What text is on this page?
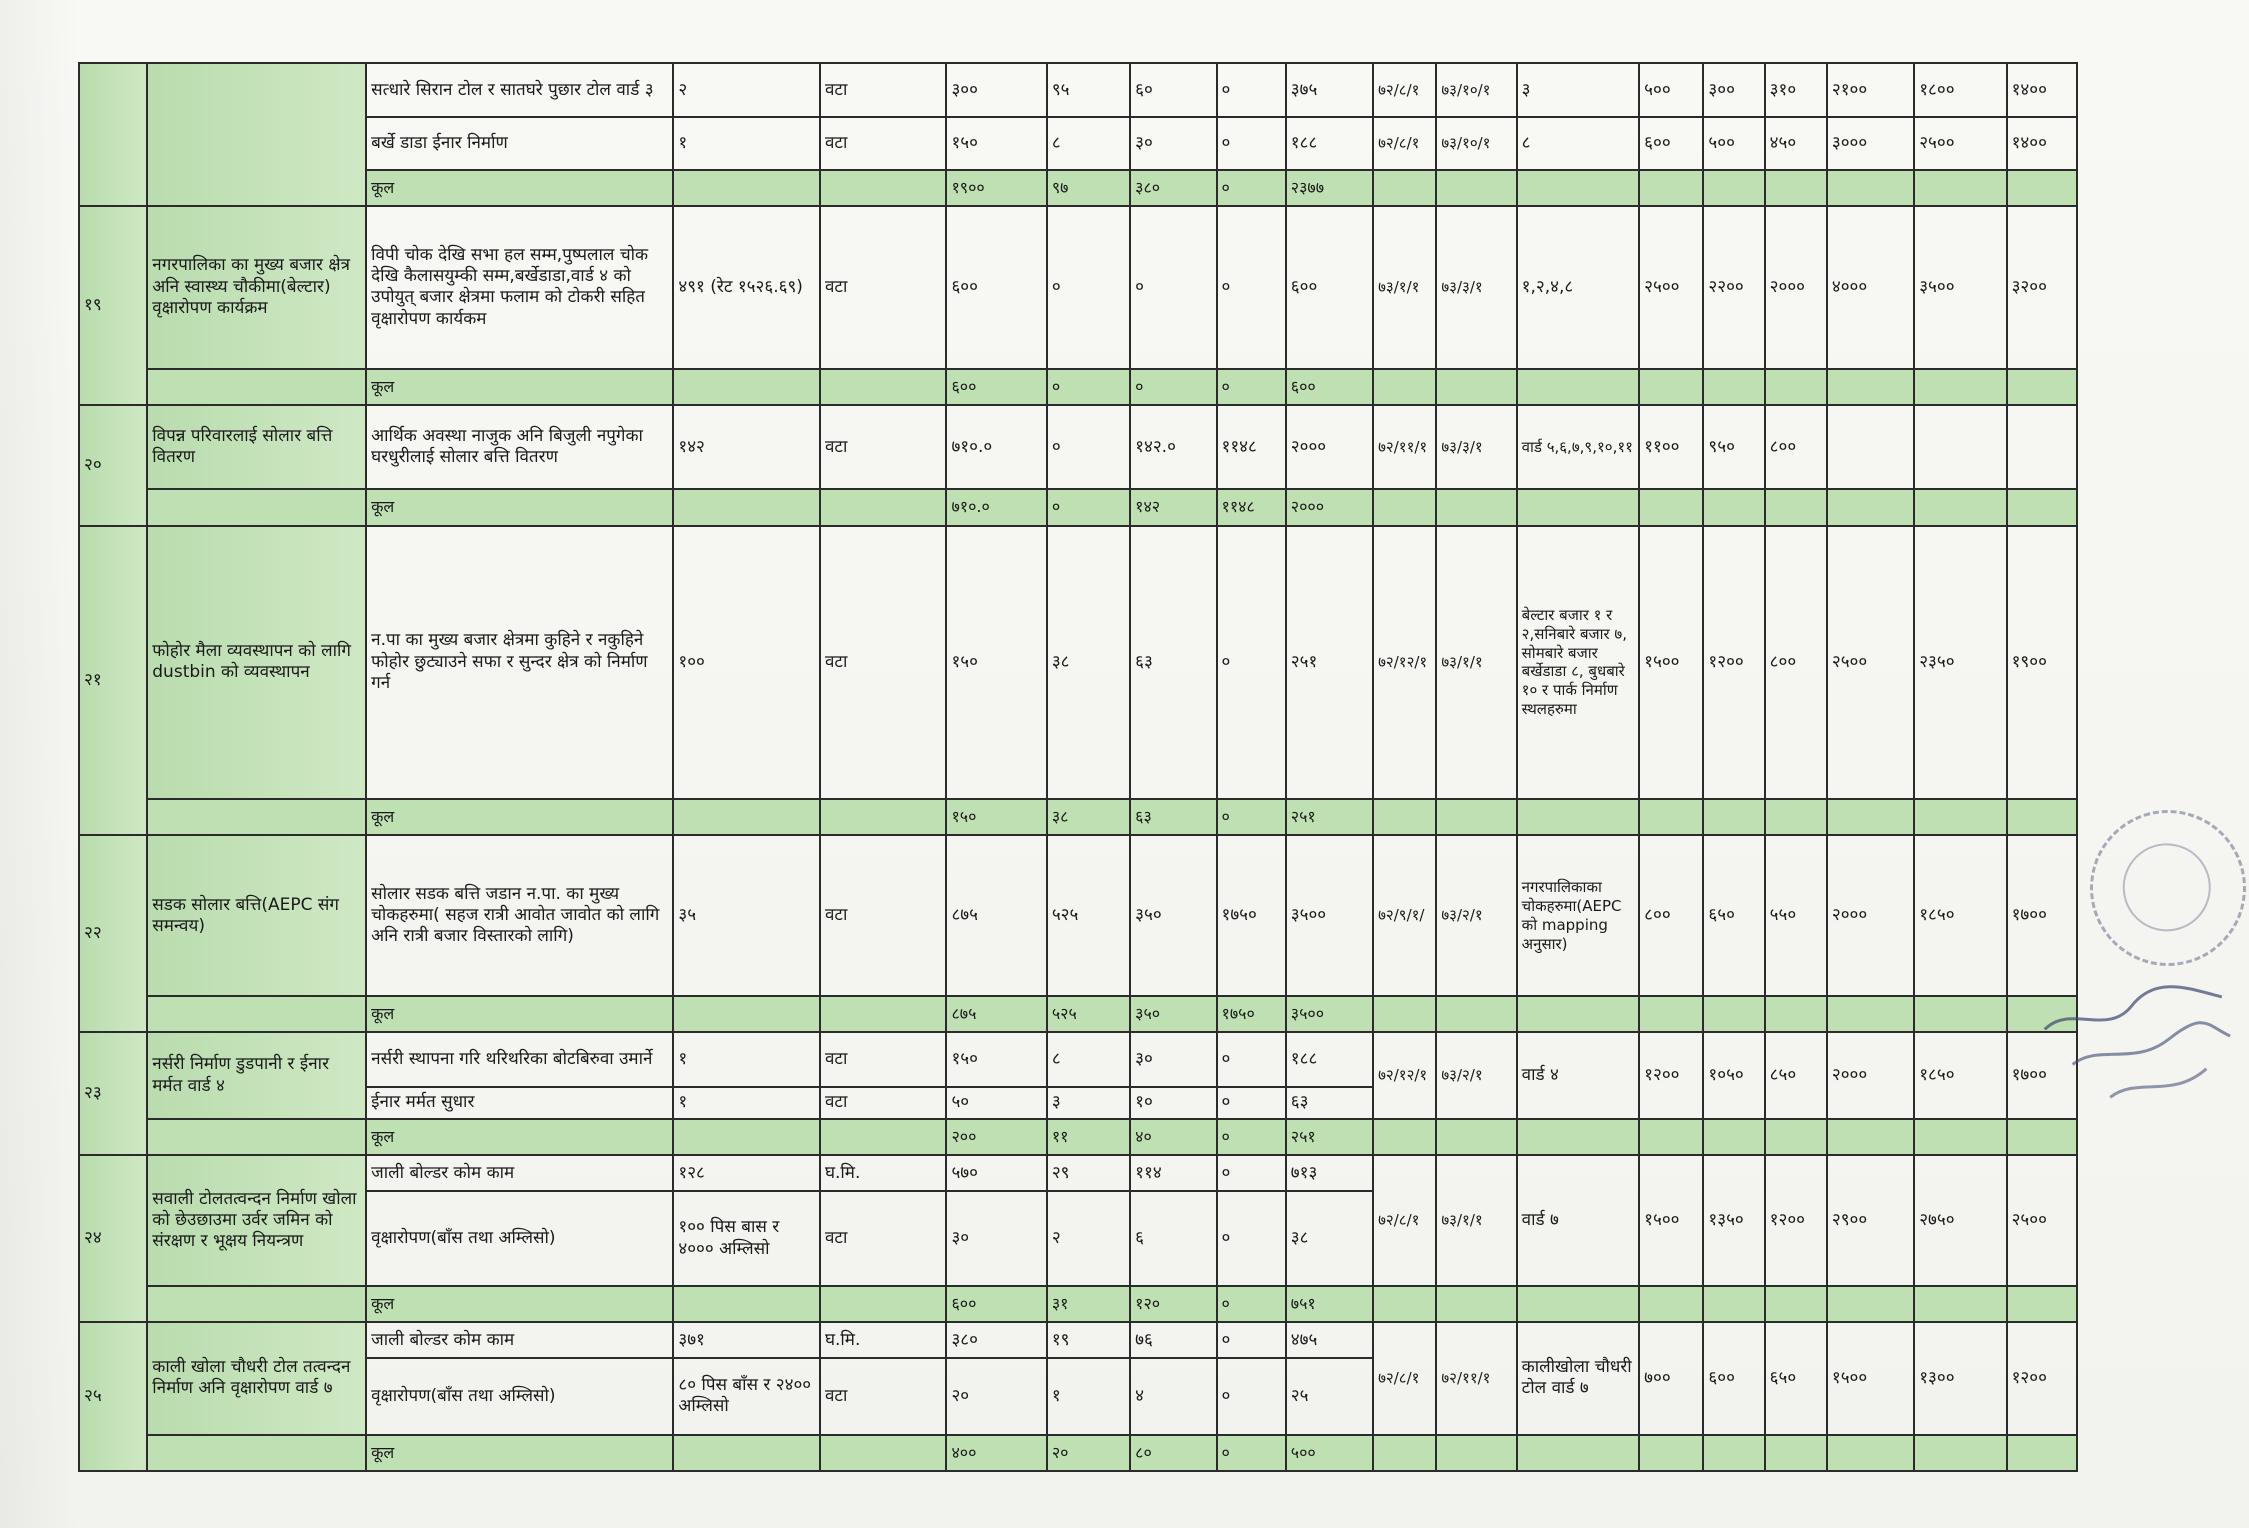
		सत्धारे सिरान टोल र सातघरे पुछार टोल वार्ड ३	२	वटा	३००	९५	६०	०	३७५	७२/८/१	७३/१०/१	३	५००	३००	३१०	२१००	१८००	१४००
		बर्खे डाडा ईनार निर्माण	१	वटा	१५०	८	३०	०	१८८	७२/८/१	७३/१०/१	८	६००	५००	४५०	३०००	२५००	१४००
		कूल			१९००	९७	३८०	०	२३७७									
१९	नगरपालिका का मुख्य बजार क्षेत्र अनि स्वास्थ्य चौकीमा(बेल्टार) वृक्षारोपण कार्यक्रम	विपी चोक देखि सभा हल सम्म,पुष्पलाल चोक देखि कैलासयुम्की सम्म,बर्खेडाडा,वार्ड ४ को उपोयुत् बजार क्षेत्रमा फलाम को टोकरी सहित वृक्षारोपण कार्यकम	४९१ (रेट १५२६.६९)	वटा	६००	०	०	०	६००	७३/१/१	७३/३/१	१,२,४,८	२५००	२२००	२०००	४०००	३५००	३२००
		कूल			६००	०	०	०	६००									
२०	विपन्न परिवारलाई सोलार बत्ति वितरण	आर्थिक अवस्था नाजुक अनि बिजुली नपुगेका घरधुरीलाई सोलार बत्ति वितरण	१४२	वटा	७१०.०	०	१४२.०	११४८	२०००	७२/११/१	७३/३/१	वार्ड ५,६,७,९,१०,११	११००	९५०	८००			
		कूल			७१०.०	०	१४२	११४८	२०००									
२१	फोहोर मैला व्यवस्थापन को लागि dustbin को व्यवस्थापन	न.पा का मुख्य बजार क्षेत्रमा कुहिने र नकुहिने फोहोर छुट्याउने सफा र सुन्दर क्षेत्र को निर्माण गर्न	१००	वटा	१५०	३८	६३	०	२५१	७२/१२/१	७३/१/१	बेल्टार बजार १ र २,सनिबारे बजार ७, सोमबारे बजार बर्खेडाडा ८, बुधबारे १० र पार्क निर्माण स्थलहरुमा	१५००	१२००	८००	२५००	२३५०	१९००
		कूल			१५०	३८	६३	०	२५१									
२२	सडक सोलार बत्ति(AEPC संग समन्वय)	सोलार सडक बत्ति जडान न.पा. का मुख्य चोकहरुमा( सहज रात्री आवोत जावोत को लागि अनि रात्री बजार विस्तारको लागि)	३५	वटा	८७५	५२५	३५०	१७५०	३५००	७२/९/१/	७३/२/१	नगरपालिकाका चोकहरुमा(AEPC को mapping अनुसार)	८००	६५०	५५०	२०००	१८५०	१७००
		कूल			८७५	५२५	३५०	१७५०	३५००									
२३	नर्सरी निर्माण डुडपानी र ईनार मर्मत वार्ड ४	नर्सरी स्थापना गरि थरिथरिका बोटबिरुवा उमार्ने	१	वटा	१५०	८	३०	०	१८८	७२/१२/१	७३/२/१	वार्ड ४	१२००	१०५०	८५०	२०००	१८५०	१७००
		ईनार मर्मत सुधार	१	वटा	५०	३	१०	०	६३									
		कूल			२००	११	४०	०	२५१									
२४	सवाली टोलतत्वन्दन निर्माण खोला को छेउछाउमा उर्वर जमिन को संरक्षण र भूक्षय नियन्त्रण	जाली बोल्डर कोम काम	१२८	घ.मि.	५७०	२९	११४	०	७१३	७२/८/१	७३/१/१	वार्ड ७	१५००	१३५०	१२००	२९००	२७५०	२५००
		वृक्षारोपण(बाँस तथा अम्लिसो)	१०० पिस बास र ४००० अम्लिसो	वटा	३०	२	६	०	३८									
		कूल			६००	३१	१२०	०	७५१									
२५	काली खोला चौधरी टोल तत्वन्दन निर्माण अनि वृक्षारोपण वार्ड ७	जाली बोल्डर कोम काम	३७१	घ.मि.	३८०	१९	७६	०	४७५	७२/८/१	७२/११/१	कालीखोला चौधरी टोल वार्ड ७	७००	६००	६५०	१५००	१३००	१२००
		वृक्षारोपण(बाँस तथा अम्लिसो)	८० पिस बाँस र २४०० अम्लिसो	वटा	२०	१	४	०	२५									
		कूल			४००	२०	८०	०	५००									
